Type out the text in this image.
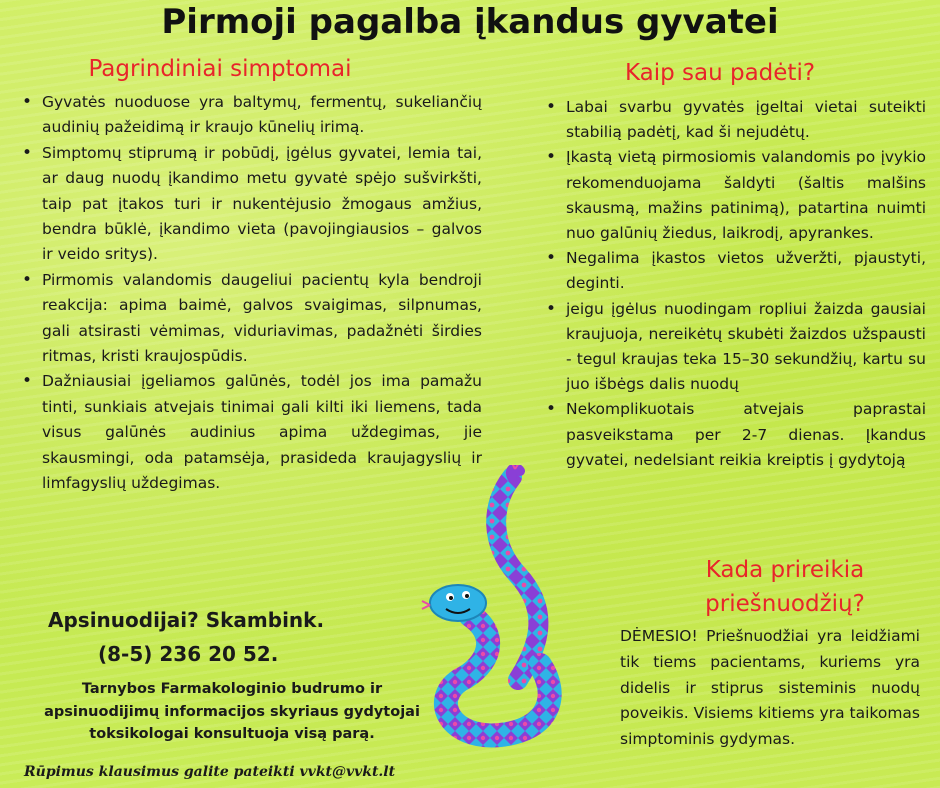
Pirmoji pagalba įkandus gyvatei
Pagrindiniai simptomai
• Gyvatės nuoduose yra baltymų, fermentų, sukeliančių audinių pažeidimą ir kraujo kūnelių irimą.
• Simptomų stiprumą ir pobūdį, įgėlus gyvatei, lemia tai, ar daug nuodų įkandimo metu gyvatė spėjo sušvirkšti, taip pat įtakos turi ir nukentėjusio žmogaus amžius, bendra būklė, įkandimo vieta (pavojingiausios – galvos ir veido sritys).
• Pirmomis valandomis daugeliui pacientų kyla bendroji reakcija: apima baimė, galvos svaigimas, silpnumas, gali atsirasti vėmimas, viduriavimas, padažnėti širdies ritmas, kristi kraujospūdis.
• Dažniausiai įgeliamos galūnės, todėl jos ima pamažu tinti, sunkiais atvejais tinimai gali kilti iki liemens, tada visus galūnės audinius apima uždegimas, jie skausmingi, oda patamsėja, prasideda kraujagyslių ir limfagyslių uždegimas.
Kaip sau padėti?
• Labai svarbu gyvatės įgeltai vietai suteikti stabilią padėtį, kad ši nejudėtų.
• Įkastą vietą pirmosiomis valandomis po įvykio rekomenduojama šaldyti (šaltis malšins skausmą, mažins patinimą), patartina nuimti nuo galūnių žiedus, laikrodį, apyrankes.
• Negalima įkastos vietos užveržti, pjaustyti, deginti.
• jeigu įgėlus nuodingam ropliui žaizda gausiai kraujuoja, nereikėtų skubėti žaizdos užspausti - tegul kraujas teka 15–30 sekundžių, kartu su juo išbėgs dalis nuodų
• Nekomplikuotais atvejais paprastai pasveikstama per 2-7 dienas. Įkandus gyvatei, nedelsiant reikia kreiptis į gydytoją
Kada prireikia priešnuodžių?

DĖMESIO! Priešnuodžiai yra leidžiami tik tiems pacientams, kuriems yra didelis ir stiprus sisteminis nuodų poveikis. Visiems kitiems yra taikomas simptominis gydymas.

Apsinuodijai? Skambink.

(8-5) 236 20 52.

Tarnybos Farmakologinio budrumo ir apsinuodijimų informacijos skyriaus gydytojai toksikologai konsultuoja visą parą.

Rūpimus klausimus galite pateikti vvkt@vvkt.lt
